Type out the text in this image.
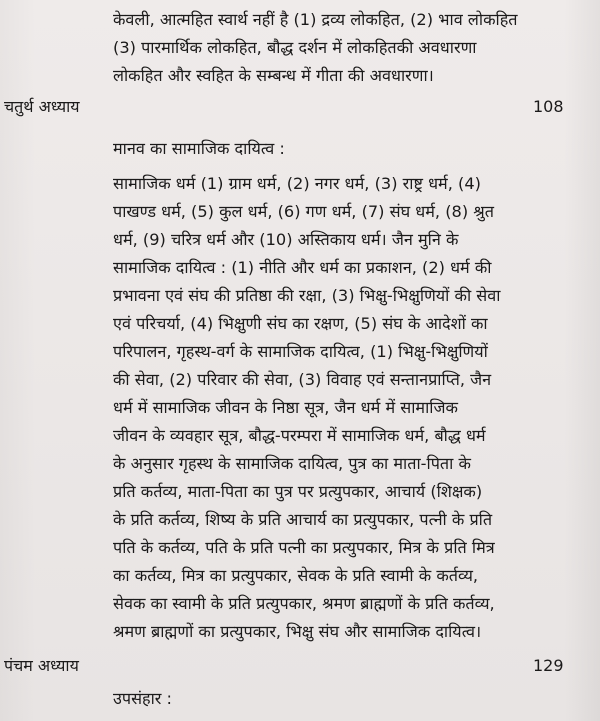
केवली, आत्महित स्वार्थ नहीं है (1) द्रव्य लोकहित, (2) भाव लोकहित
(3) पारमार्थिक लोकहित, बौद्ध दर्शन में लोकहितकी अवधारणा
लोकहित और स्वहित के सम्बन्ध में गीता की अवधारणा।
चतुर्थ अध्याय	108
मानव का सामाजिक दायित्व :
सामाजिक धर्म (1) ग्राम धर्म, (2) नगर धर्म, (3) राष्ट्र धर्म, (4)
पाखण्ड धर्म, (5) कुल धर्म, (6) गण धर्म, (7) संघ धर्म, (8) श्रुत
धर्म, (9) चरित्र धर्म और (10) अस्तिकाय धर्म। जैन मुनि के
सामाजिक दायित्व : (1) नीति और धर्म का प्रकाशन, (2) धर्म की
प्रभावना एवं संघ की प्रतिष्ठा की रक्षा, (3) भिक्षु-भिक्षुणियों की सेवा
एवं परिचर्या, (4) भिक्षुणी संघ का रक्षण, (5) संघ के आदेशों का
परिपालन, गृहस्थ-वर्ग के सामाजिक दायित्व, (1) भिक्षु-भिक्षुणियों
की सेवा, (2) परिवार की सेवा, (3) विवाह एवं सन्तानप्राप्ति, जैन
धर्म में सामाजिक जीवन के निष्ठा सूत्र, जैन धर्म में सामाजिक
जीवन के व्यवहार सूत्र, बौद्ध-परम्परा में सामाजिक धर्म, बौद्ध धर्म
के अनुसार गृहस्थ के सामाजिक दायित्व, पुत्र का माता-पिता के
प्रति कर्तव्य, माता-पिता का पुत्र पर प्रत्युपकार, आचार्य (शिक्षक)
के प्रति कर्तव्य, शिष्य के प्रति आचार्य का प्रत्युपकार, पत्नी के प्रति
पति के कर्तव्य, पति के प्रति पत्नी का प्रत्युपकार, मित्र के प्रति मित्र
का कर्तव्य, मित्र का प्रत्युपकार, सेवक के प्रति स्वामी के कर्तव्य,
सेवक का स्वामी के प्रति प्रत्युपकार, श्रमण ब्राह्मणों के प्रति कर्तव्य,
श्रमण ब्राह्मणों का प्रत्युपकार, भिक्षु संघ और सामाजिक दायित्व।
पंचम अध्याय	129
उपसंहार :
